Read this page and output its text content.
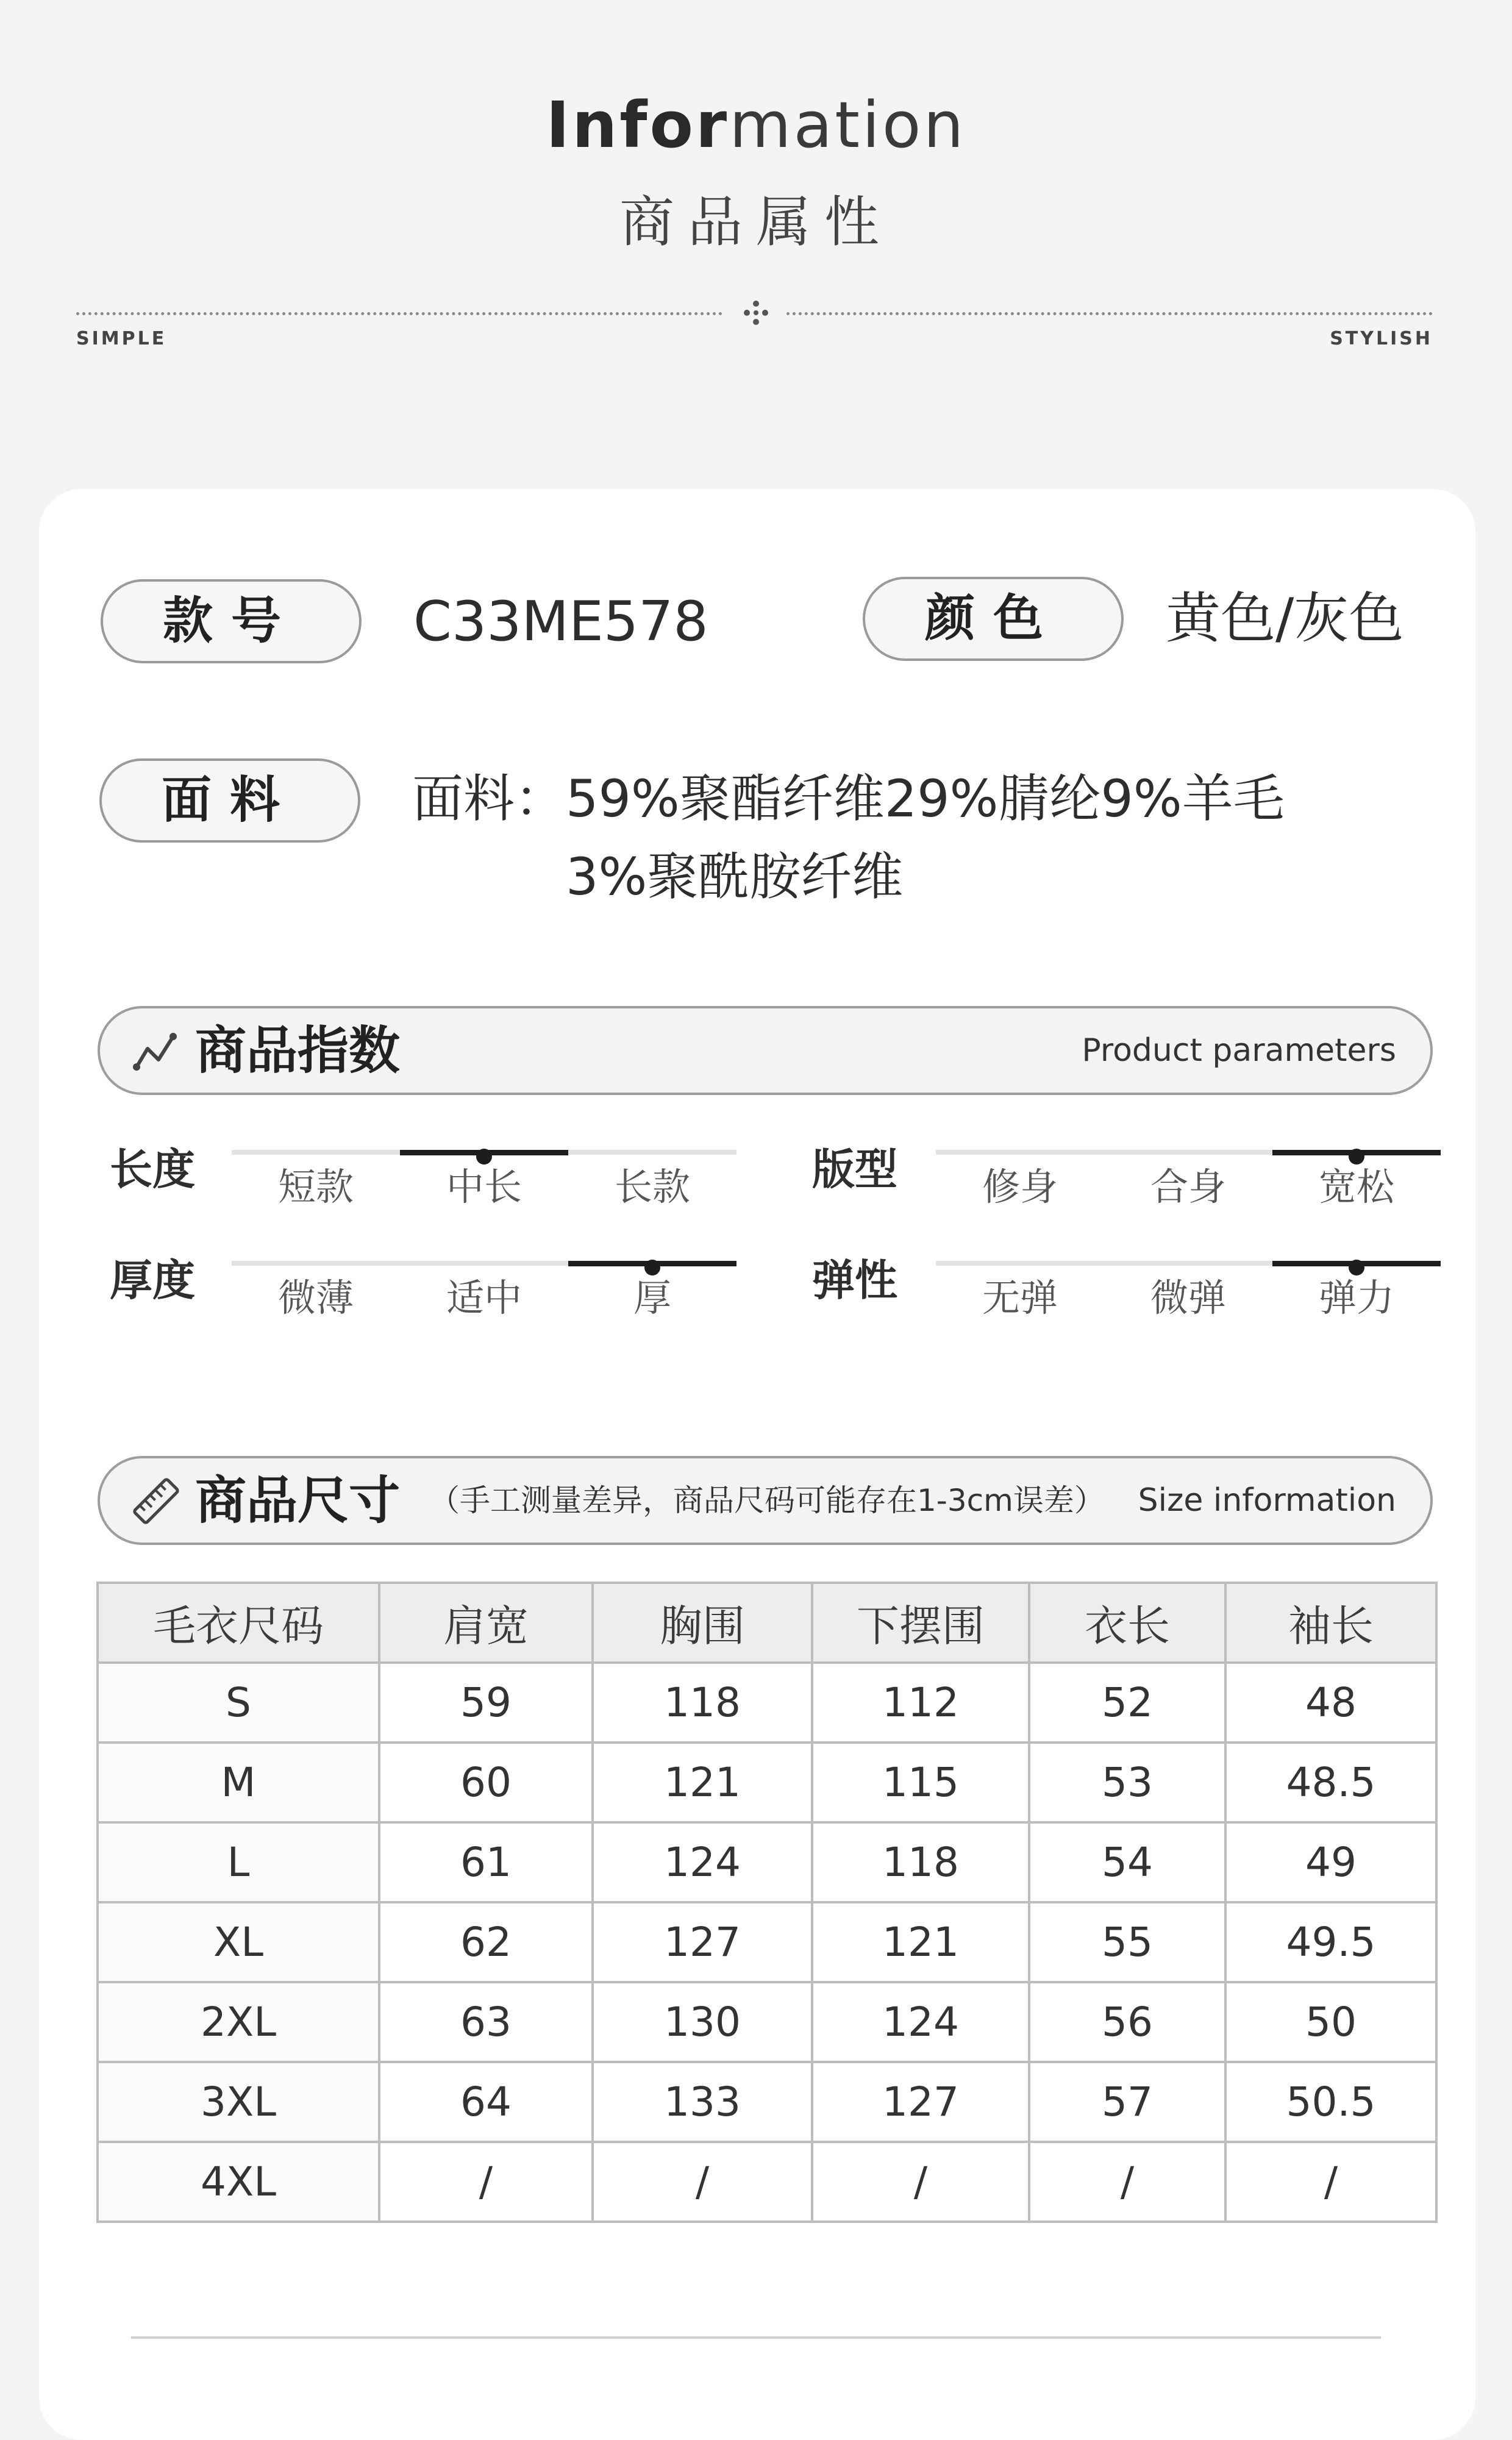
Information
商品属性
SIMPLE	STYLISH
款号	C33ME578	颜色	黄色/灰色
面料	面料：59%聚酯纤维29%腈纶9%羊毛
3%聚酰胺纤维
商品指数	Product parameters
长度	短款	中长	长款	版型	修身	合身	宽松
厚度	微薄	适中	厚	弹性	无弹	微弹	弹力
商品尺寸 （手工测量差异，商品尺码可能存在1-3cm误差） Size information
毛衣尺码	肩宽	胸围	下摆围	衣长	袖长
S	59	118	112	52	48
M	60	121	115	53	48.5
L	61	124	118	54	49
XL	62	127	121	55	49.5
2XL	63	130	124	56	50
3XL	64	133	127	57	50.5
4XL	/	/	/	/	/
